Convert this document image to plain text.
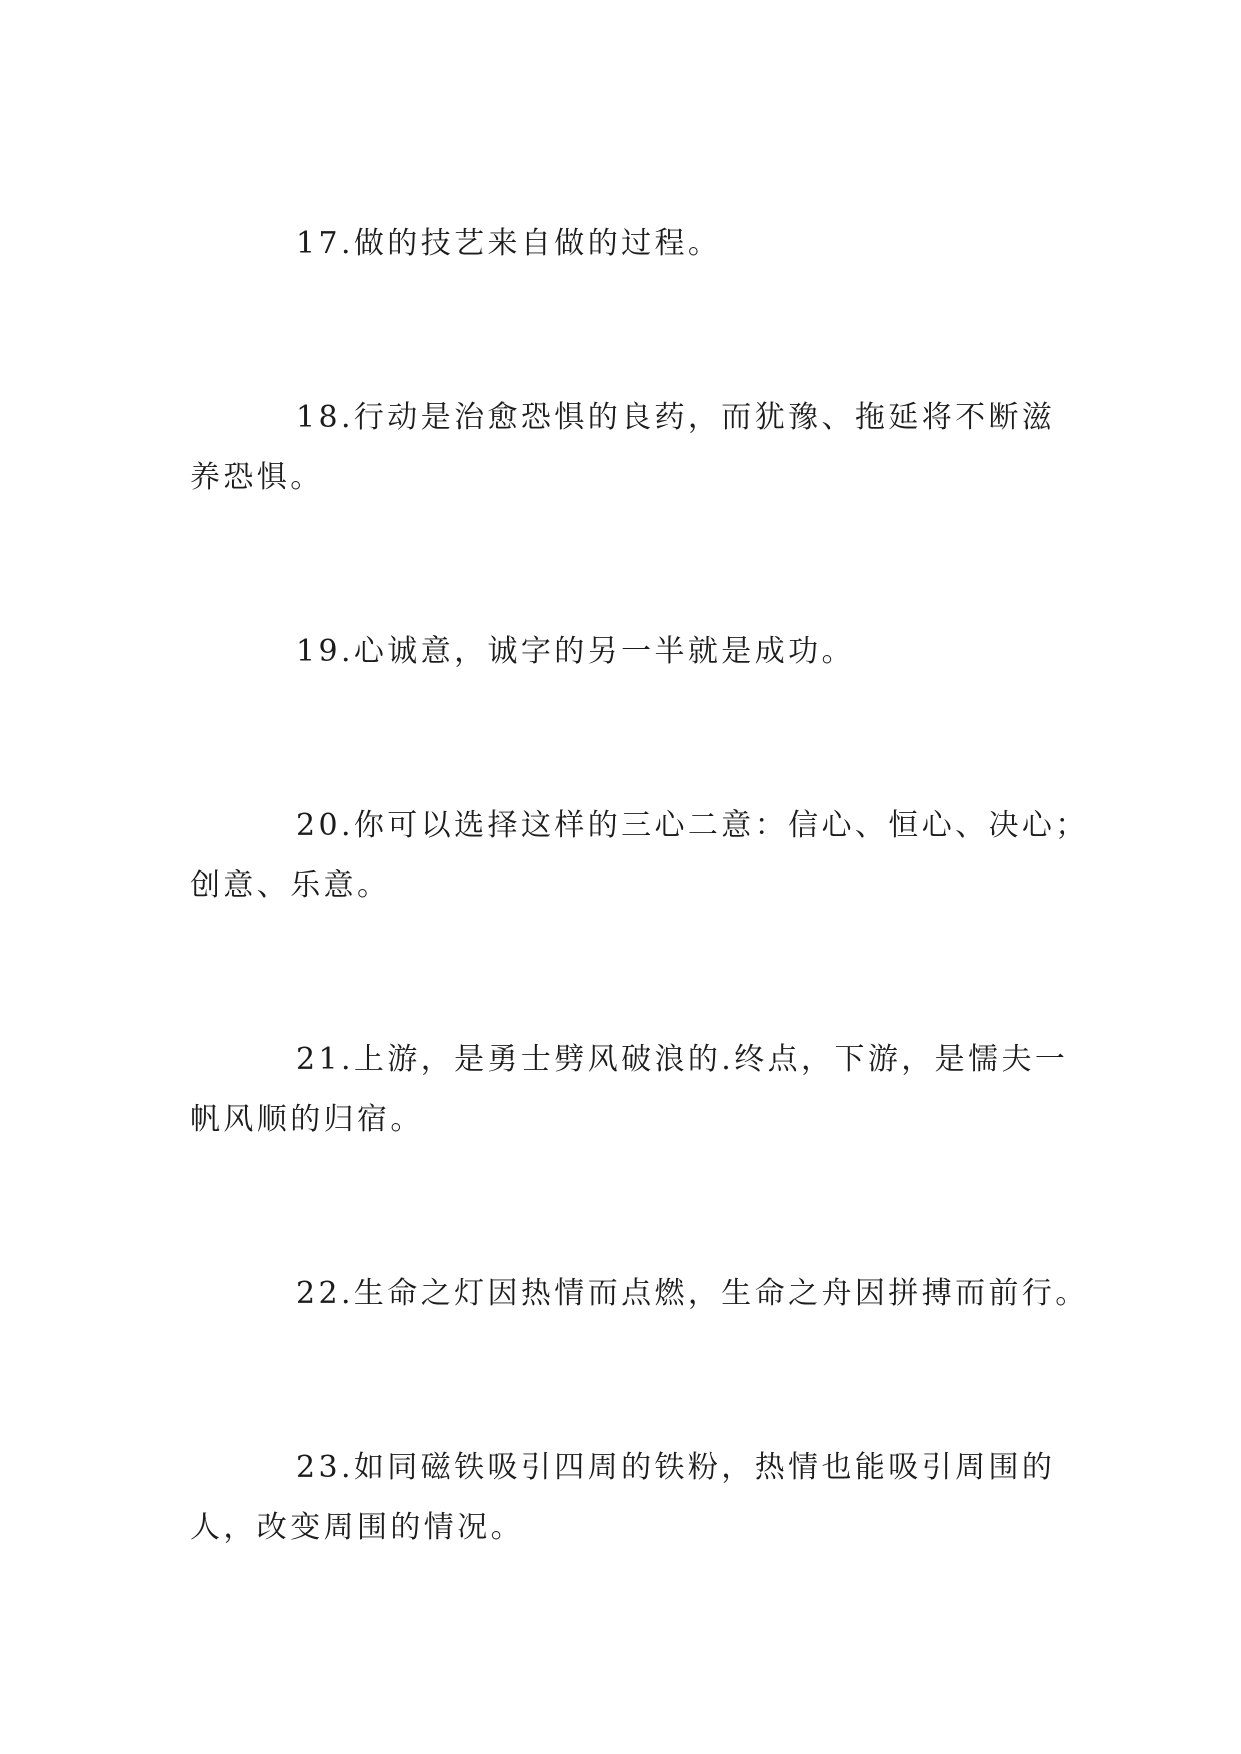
17.做的技艺来自做的过程。
18.行动是治愈恐惧的良药，而犹豫、拖延将不断滋
养恐惧。
19.心诚意，诚字的另一半就是成功。
20.你可以选择这样的三心二意：信心、恒心、决心；
创意、乐意。
21.上游，是勇士劈风破浪的.终点，下游，是懦夫一
帆风顺的归宿。
22.生命之灯因热情而点燃，生命之舟因拼搏而前行。
23.如同磁铁吸引四周的铁粉，热情也能吸引周围的
人，改变周围的情况。
